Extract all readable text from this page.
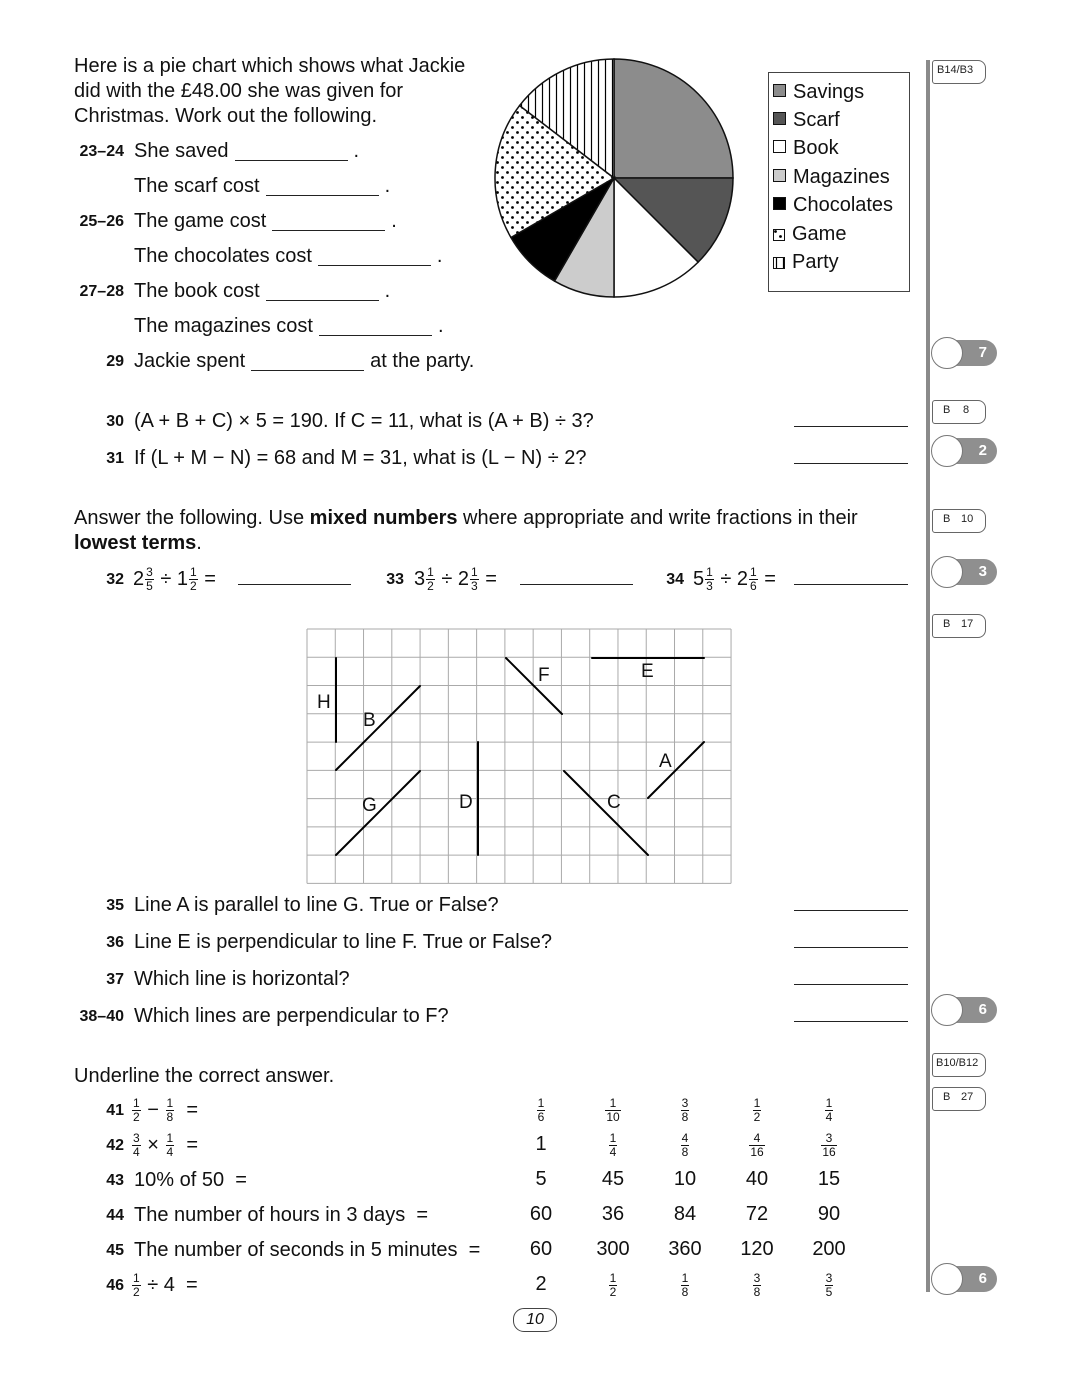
Here is a pie chart which shows what Jackie
did with the £48.00 she was given for
Christmas. Work out the following.
23–24 She saved	.
The scarf cost	.
25–26 The game cost	.
The chocolates cost	.
27–28 The book cost	.
The magazines cost	.
29 Jackie spent	at the party.
Savings
Scarf
Book
Magazines
Chocolates
Game
Party
30 (A + B + C) × 5 = 190. If C = 11, what is (A + B) ÷ 3?
31 If (L + M − N) = 68 and M = 31, what is (L − N) ÷ 2?
Answer the following. Use mixed numbers where appropriate and write fractions in their
lowest terms.
32 $2 \frac{3}{5} \div 1 \frac{1}{2}$ =	33 $3 \frac{1}{2} \div 2 \frac{1}{3}$ =	34 $5 \frac{1}{3} \div 2 \frac{1}{6}$ =
H
B
F	E
A
G	D	C
35 Line A is parallel to line G. True or False?
36 Line E is perpendicular to line F. True or False?
37 Which line is horizontal?
38–40 Which lines are perpendicular to F?
Underline the correct answer.
$41 \frac{1}{2} - \frac{1}{8}$ =	$\frac{1}{6}$	$\frac{1}{10}$	$\frac{3}{8}$	$\frac{1}{2}$	$\frac{1}{4}$
$42 \frac{3}{4} \times \frac{1}{4}$ =	1	$\frac{1}{4}$	$\frac{4}{8}$	$\frac{4}{16}$	$\frac{3}{16}$
43 10% of 50 =	5	45	10	40	15
44 The number of hours in 3 days =	60	36	84	72	90
45 The number of seconds in 5 minutes =	60	300	360	120	200
$46 \frac{1}{2} \div 4$ =	2	$\frac{1}{2}$	$\frac{1}{8}$	$\frac{3}{8}$	$\frac{3}{5}$
10
B14/B3
7
B 8
2
B 10
3
B 17
6
B10/B12
B 27
6
